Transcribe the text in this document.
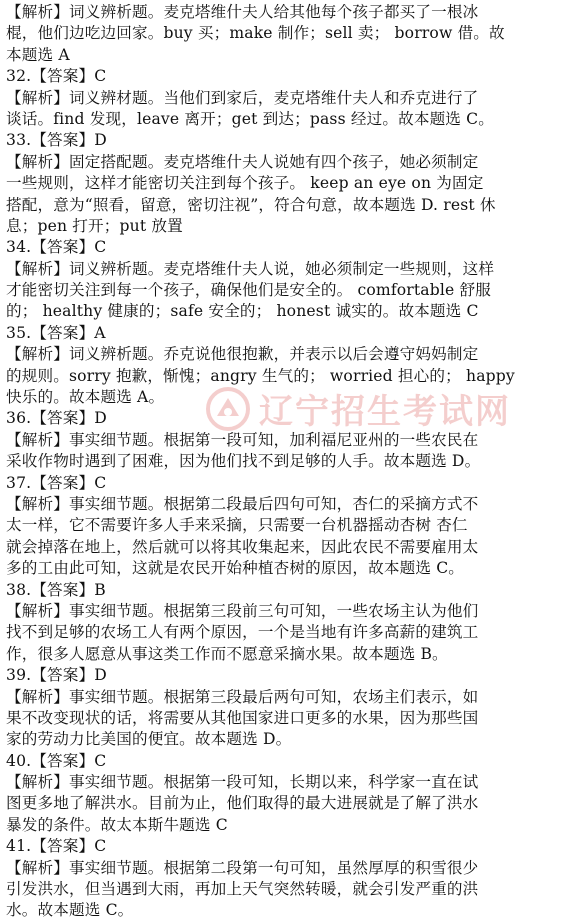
【解析】词义辨析题。麦克塔维什夫人给其他每个孩子都买了一根冰
棍，他们边吃边回家。buy 买；make 制作；sell 卖； borrow 借。故
本题选 A
32.【答案】C
【解析】词义辨材题。当他们到家后，麦克塔维什夫人和乔克进行了
谈话。find 发现，leave 离开；get 到达；pass 经过。故本题选 C。
33.【答案】D
【解析】固定搭配题。麦克塔维什夫人说她有四个孩子，她必须制定
一些规则，这样才能密切关注到每个孩子。 keep an eye on 为固定
搭配，意为“照看，留意，密切注视”，符合句意，故本题选 D. rest 休
息；pen 打开；put 放置
34.【答案】C
【解析】词义辨析题。麦克塔维什夫人说，她必须制定一些规则，这样
才能密切关注到每一个孩子，确保他们是安全的。 comfortable 舒服
的； healthy 健康的；safe 安全的； honest 诚实的。故本题选 C
35.【答案】A
【解析】词义辨析题。乔克说他很抱歉，并表示以后会遵守妈妈制定
的规则。sorry 抱歉，惭愧；angry 生气的； worried 担心的； happy
快乐的。故本题选 A。
36.【答案】D
【解析】事实细节题。根据第一段可知，加利福尼亚州的一些农民在
采收作物时遇到了困难，因为他们找不到足够的人手。故本题选 D。
37.【答案】C
【解析】事实细节题。根据第二段最后四句可知，杏仁的采摘方式不
太一样，它不需要许多人手来采摘，只需要一台机器摇动杏树 杏仁
就会掉落在地上，然后就可以将其收集起来，因此农民不需要雇用太
多的工由此可知，这就是农民开始种植杏树的原因，故本题选 C。
38.【答案】B
【解析】事实细节题。根据第三段前三句可知，一些农场主认为他们
找不到足够的农场工人有两个原因，一个是当地有许多高薪的建筑工
作，很多人愿意从事这类工作而不愿意采摘水果。故本题选 B。
39.【答案】D
【解析】事实细节题。根据第三段最后两句可知，农场主们表示，如
果不改变现状的话，将需要从其他国家进口更多的水果，因为那些国
家的劳动力比美国的便宜。故本题选 D。
40.【答案】C
【解析】事实细节题。根据第一段可知，长期以来，科学家一直在试
图更多地了解洪水。目前为止，他们取得的最大进展就是了解了洪水
暴发的条件。故太本斯牛题选 C
41.【答案】C
【解析】事实细节题。根据第二段第一句可知，虽然厚厚的积雪很少
引发洪水，但当遇到大雨，再加上天气突然转暖，就会引发严重的洪
水。故本题选 C。
辽宁招生考试网
